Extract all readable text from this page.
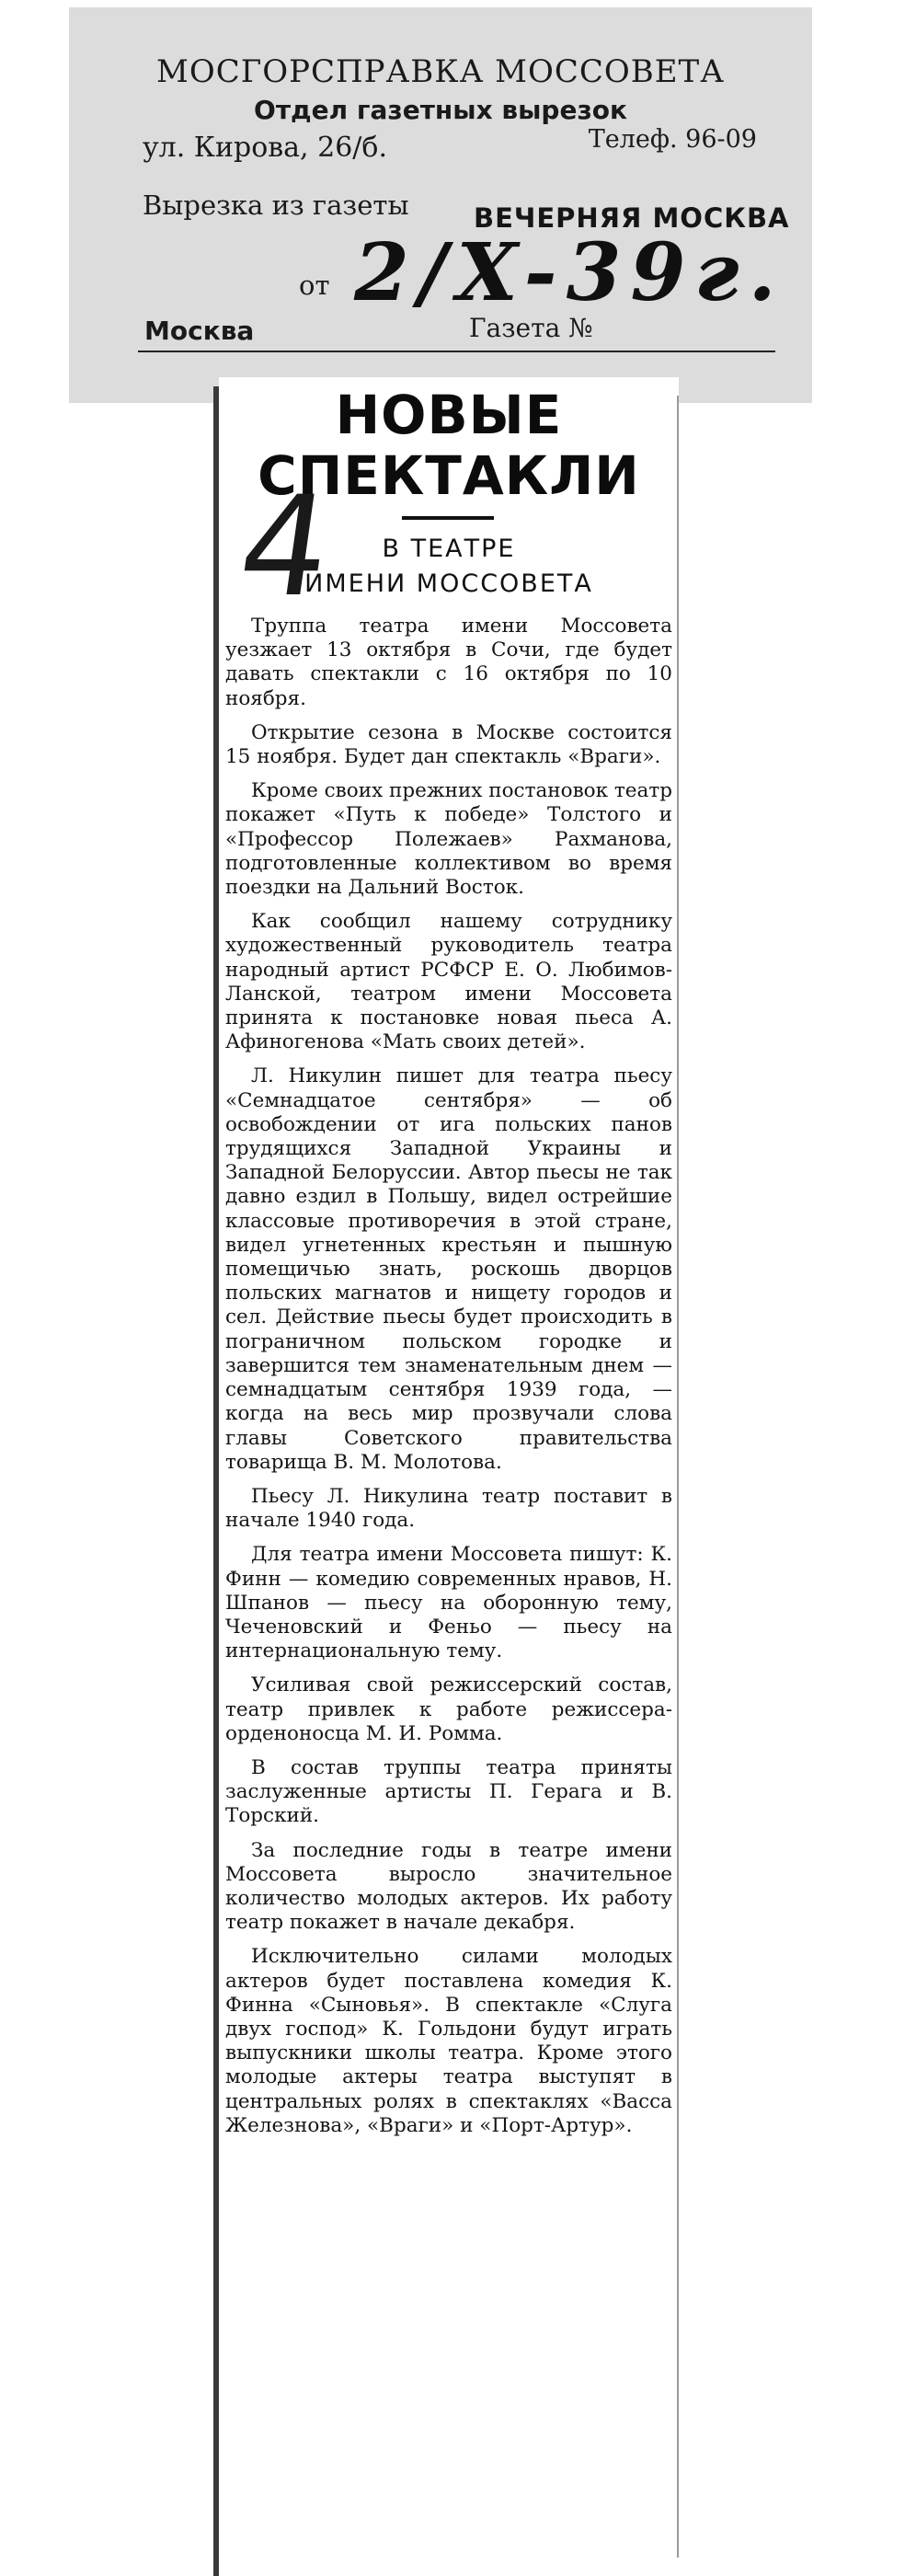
МОСГОРСПРАВКА МОССОВЕТА
Отдел газетных вырезок
ул. Кирова, 26/б.	Телеф. 96-09
Вырезка из газеты ВЕЧЕРНЯЯ МОСКВА
от 2/X-39г.
Москва	Газета №
НОВЫЕ
СПЕКТАКЛИ
В ТЕАТРЕ
ИМЕНИ МОССОВЕТА
4

Труппа театра имени Моссовета уезжает 13 октября в Сочи, где будет давать спектакли с 16 октября по 10 ноября.

Открытие сезона в Москве состоится 15 ноября. Будет дан спектакль «Враги».

Кроме своих прежних постановок театр покажет «Путь к победе» Толстого и «Профессор Полежаев» Рахманова, подготовленные коллективом во время поездки на Дальний Восток.

Как сообщил нашему сотруднику художественный руководитель театра народный артист РСФСР Е. О. Любимов-Ланской, театром имени Моссовета принята к постановке новая пьеса А. Афиногенова «Мать своих детей».

Л. Никулин пишет для театра пьесу «Семнадцатое сентября» — об освобождении от ига польских панов трудящихся Западной Украины и Западной Белоруссии. Автор пьесы не так давно ездил в Польшу, видел острейшие классовые противоречия в этой стране, видел угнетенных крестьян и пышную помещичью знать, роскошь дворцов польских магнатов и нищету городов и сел. Действие пьесы будет происходить в пограничном польском городке и завершится тем знаменательным днем — семнадцатым сентября 1939 года, — когда на весь мир прозвучали слова главы Советского правительства товарища В. М. Молотова.

Пьесу Л. Никулина театр поставит в начале 1940 года.

Для театра имени Моссовета пишут: К. Финн — комедию современных нравов, Н. Шпанов — пьесу на оборонную тему, Чеченовский и Феньо — пьесу на интернациональную тему.

Усиливая свой режиссерский состав, театр привлек к работе режиссера-орденоносца М. И. Ромма.

В состав труппы театра приняты заслуженные артисты П. Герага и В. Торский.

За последние годы в театре имени Моссовета выросло значительное количество молодых актеров. Их работу театр покажет в начале декабря.

Исключительно силами молодых актеров будет поставлена комедия К. Финна «Сыновья». В спектакле «Слуга двух господ» К. Гольдони будут играть выпускники школы театра. Кроме этого молодые актеры театра выступят в центральных ролях в спектаклях «Васса Железнова», «Враги» и «Порт-Артур».
